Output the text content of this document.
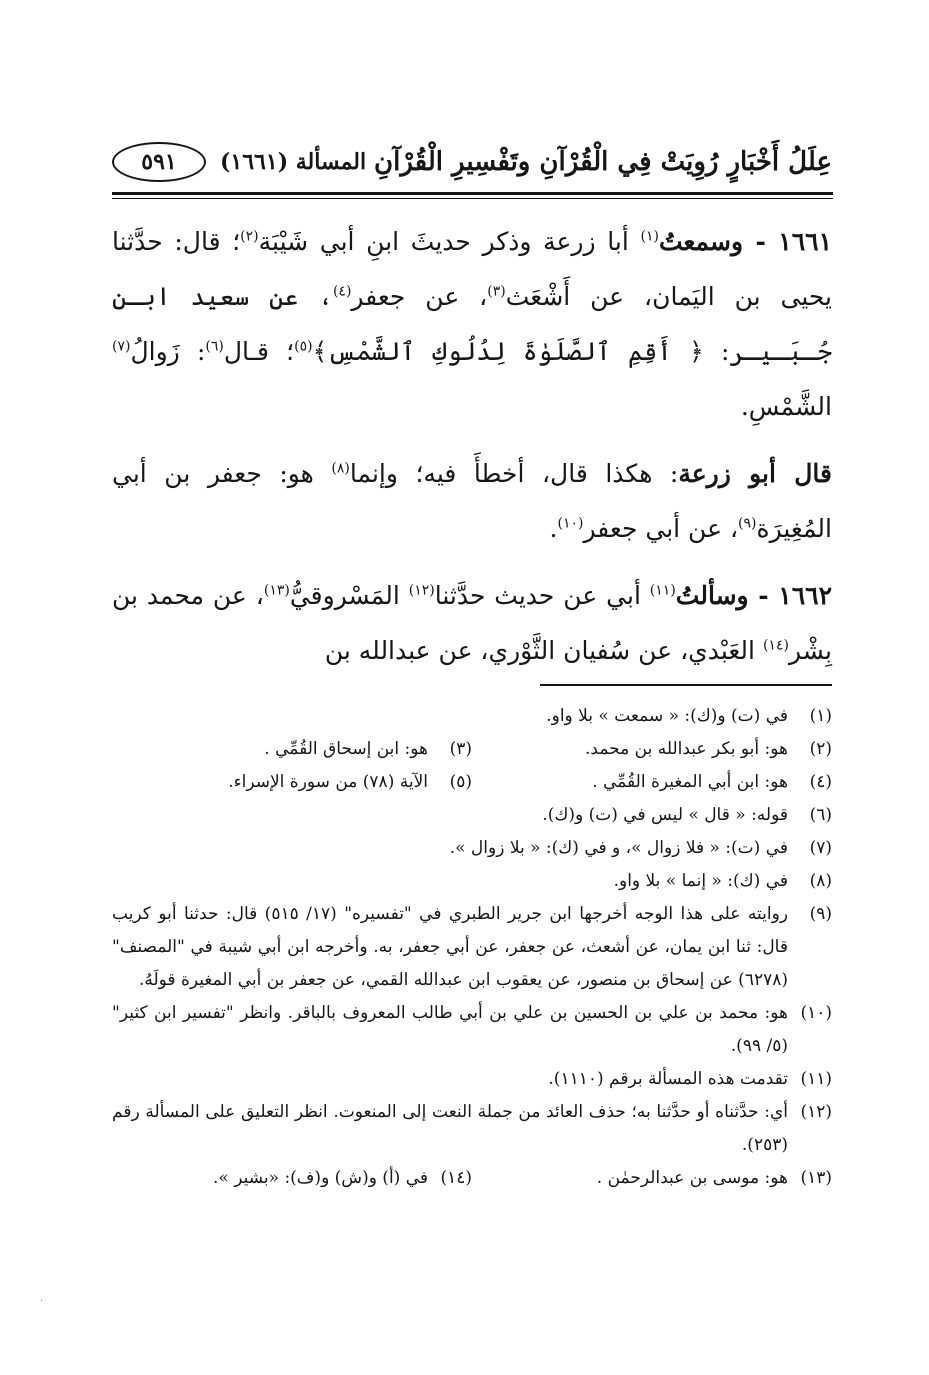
عِلَلُ أَخْبَارٍ رُوِيَتْ فِي الْقُرْآنِ وتَفْسِيرِ الْقُرْآنِ
المسألة (١٦٦١)
٥٩١

١٦٦١ - وسمعتُ$^{(١)}$ أبا زرعة وذكر حديثَ ابنِ أبي شَيْبَة$^{(٢)}$؛ قال: حدَّثنا يحيى بن اليَمان، عن أَشْعَث$^{(٣)}$، عن جعفر$^{(٤)}$، عن سعيد ابـن جُـبَـيـر: ﴿ أَقِمِ ٱلصَّلَوٰةَ لِدُلُوكِ ٱلشَّمْسِ﴾$^{(٥)}$؛ قـال$^{(٦)}$: زَوالُ$^{(٧)}$ الشَّمْسِ.

قال أبو زرعة: هكذا قال، أخطأَ فيه؛ وإنما$^{(٨)}$ هو: جعفر بن أبي المُغِيرَة$^{(٩)}$، عن أبي جعفر$^{(١٠)}$.

١٦٦٢ - وسألتُ$^{(١١)}$ أبي عن حديث حدَّثنا$^{(١٢)}$ المَسْروقيُّ$^{(١٣)}$، عن محمد بن بِشْر$^{(١٤)}$ العَبْدي، عن سُفيان الثَّوْري، عن عبدالله بن

(١)
في (ت) و(ك): « سمعت » بلا واو.
(٢)
هو: أبو بكر عبدالله بن محمد.
(٣)
هو: ابن إسحاق القُمِّي .
(٤)
هو: ابن أبي المغيرة القُمِّي .
(٥)
الآية (٧٨) من سورة الإسراء.
(٦)
قوله: « قال » ليس في (ت) و(ك).
(٧)
في (ت): « فلا زوال »، و في (ك): « بلا زوال ».
(٨)
في (ك): « إنما » بلا واو.
(٩)
روايته على هذا الوجه أخرجها ابن جرير الطبري في "تفسيره" (١٧/ ٥١٥) قال: حدثنا أبو كريب قال: ثنا ابن يمان، عن أشعث، عن جعفر، عن أبي جعفر، به. وأخرجه ابن أبي شيبة في "المصنف" (٦٢٧٨) عن إسحاق بن منصور، عن يعقوب ابن عبدالله القمي، عن جعفر بن أبي المغيرة قولَهُ.
(١٠)
هو: محمد بن علي بن الحسين بن علي بن أبي طالب المعروف بالباقر. وانظر "تفسير ابن كثير" (٥/ ٩٩).
(١١)
تقدمت هذه المسألة برقم (١١١٠).
(١٢)
أي: حدَّثناه أو حدَّثنا به؛ حذف العائد من جملة النعت إلى المنعوت. انظر التعليق على المسألة رقم (٢٥٣).
(١٣)
هو: موسى بن عبدالرحمٰن .
(١٤)
في (أ) و(ش) و(ف): «بشير ».
·
